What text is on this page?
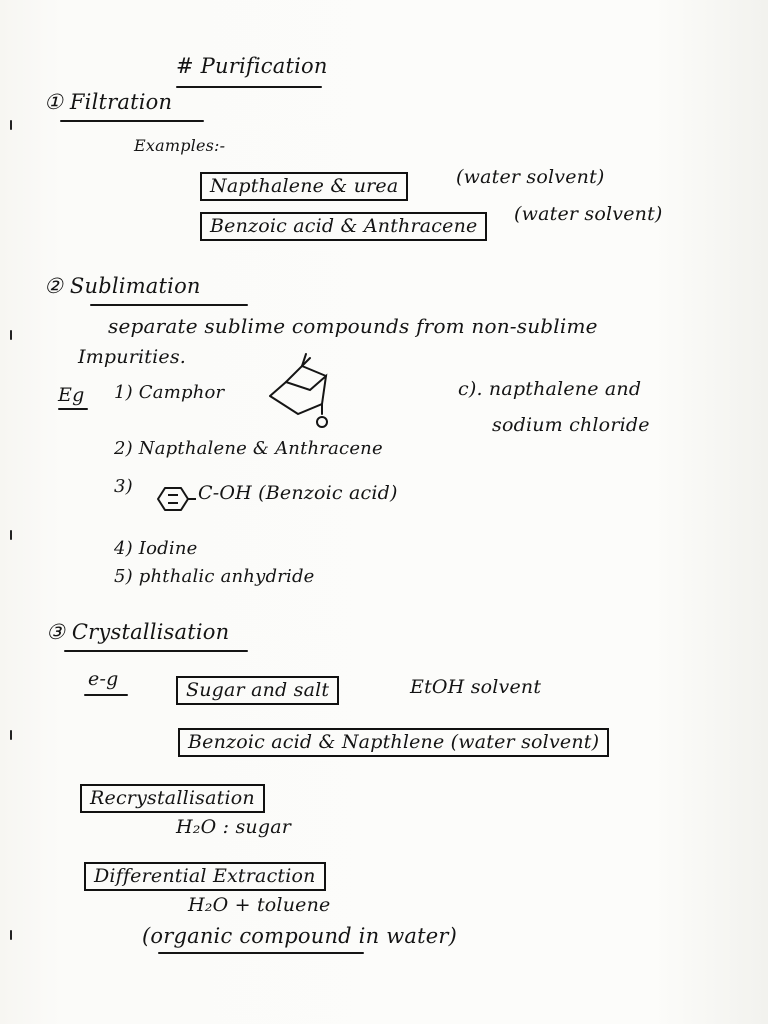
# Purification
① Filtration
Examples:-
Napthalene & urea	(water solvent)
Benzoic acid & Anthracene
(water solvent)
② Sublimation
separate sublime compounds from non-sublime
Impurities.
Eg 1) Camphor	c). napthalene and
sodium chloride
2) Napthalene & Anthracene
3)	C-OH (Benzoic acid)
4) Iodine
5) phthalic anhydride
③ Crystallisation
e-g	Sugar and salt	EtOH solvent
Benzoic acid & Napthlene (water solvent)
Recrystallisation
H₂O : sugar
Differential Extraction
H₂O + toluene
(organic compound in water)
